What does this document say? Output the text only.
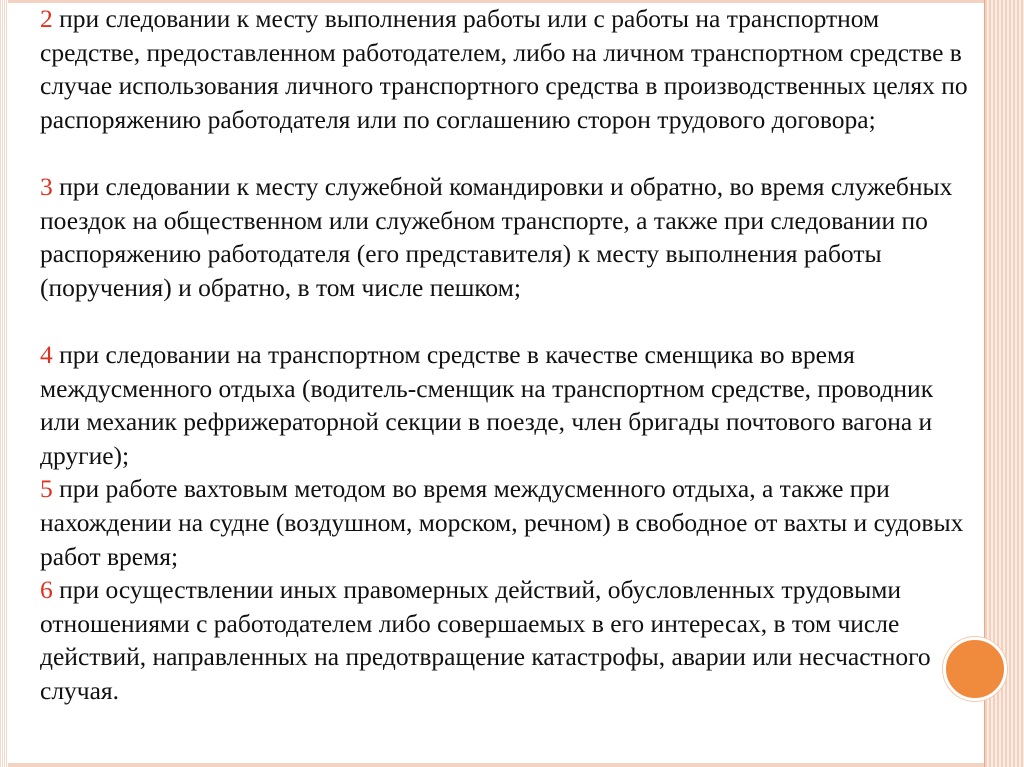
2 при следовании к месту выполнения работы или с работы на транспортном средстве, предоставленном работодателем, либо на личном транспортном средстве в случае использования личного транспортного средства в производственных целях по распоряжению работодателя или по соглашению сторон трудового договора;

3 при следовании к месту служебной командировки и обратно, во время служебных поездок на общественном или служебном транспорте, а также при следовании по распоряжению работодателя (его представителя) к месту выполнения работы (поручения) и обратно, в том числе пешком;

4 при следовании на транспортном средстве в качестве сменщика во время междусменного отдыха (водитель-сменщик на транспортном средстве, проводник или механик рефрижераторной секции в поезде, член бригады почтового вагона и другие);

5 при работе вахтовым методом во время междусменного отдыха, а также при нахождении на судне (воздушном, морском, речном) в свободное от вахты и судовых работ время;

6 при осуществлении иных правомерных действий, обусловленных трудовыми отношениями с работодателем либо совершаемых в его интересах, в том числе действий, направленных на предотвращение катастрофы, аварии или несчастного случая.
